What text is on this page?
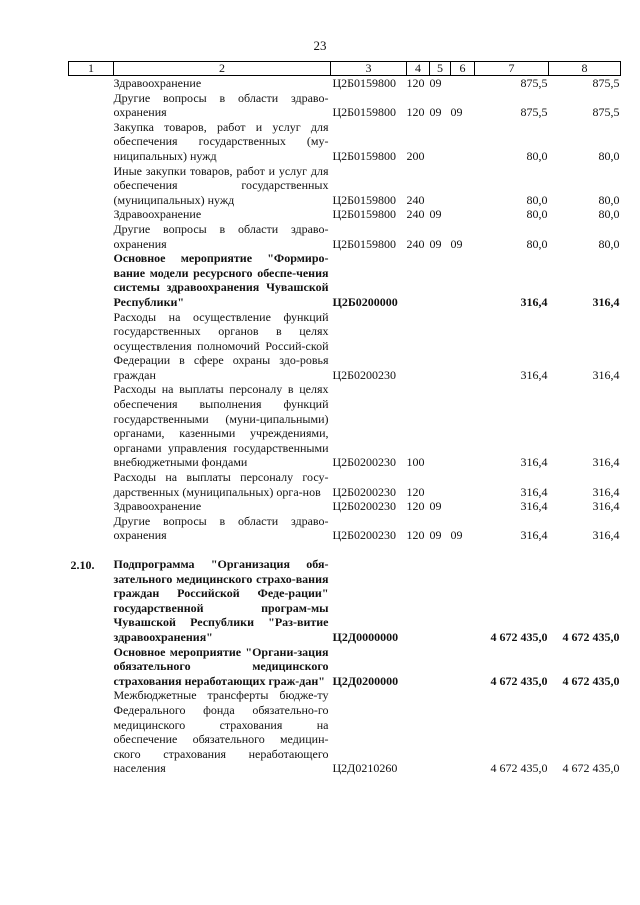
23
1	2	3	4	5	6	7	8
	Здравоохранение	Ц2Б0159800	120	09		875,5	875,5
	Другие вопросы в области здраво-охранения	Ц2Б0159800	120	09	09	875,5	875,5
	Закупка товаров, работ и услуг для обеспечения государственных (му-ниципальных) нужд	Ц2Б0159800	200			80,0	80,0
	Иные закупки товаров, работ и услуг для обеспечения государственных (муниципальных) нужд	Ц2Б0159800	240			80,0	80,0
	Здравоохранение	Ц2Б0159800	240	09		80,0	80,0
	Другие вопросы в области здраво-охранения	Ц2Б0159800	240	09	09	80,0	80,0
	Основное мероприятие "Формиро-вание модели ресурсного обеспе-чения системы здравоохранения Чувашской Республики"	Ц2Б0200000				316,4	316,4
	Расходы на осуществление функций государственных органов в целях осуществления полномочий Россий-ской Федерации в сфере охраны здо-ровья граждан	Ц2Б0200230				316,4	316,4
	Расходы на выплаты персоналу в целях обеспечения выполнения функций государственными (муни-ципальными) органами, казенными учреждениями, органами управления государственными внебюджетными фондами	Ц2Б0200230	100			316,4	316,4
	Расходы на выплаты персоналу госу-дарственных (муниципальных) орга-нов	Ц2Б0200230	120			316,4	316,4
	Здравоохранение	Ц2Б0200230	120	09		316,4	316,4
	Другие вопросы в области здраво-охранения	Ц2Б0200230	120	09	09	316,4	316,4

2.10.	Подпрограмма "Организация обя-зательного медицинского страхо-вания граждан Российской Феде-рации" государственной програм-мы Чувашской Республики "Раз-витие здравоохранения"	Ц2Д0000000				4 672 435,0	4 672 435,0
	Основное мероприятие "Органи-зация обязательного медицинского страхования неработающих граж-дан"	Ц2Д0200000				4 672 435,0	4 672 435,0
	Межбюджетные трансферты бюдже-ту Федерального фонда обязательно-го медицинского страхования на обеспечение обязательного медицин-ского страхования неработающего населения	Ц2Д0210260				4 672 435,0	4 672 435,0
